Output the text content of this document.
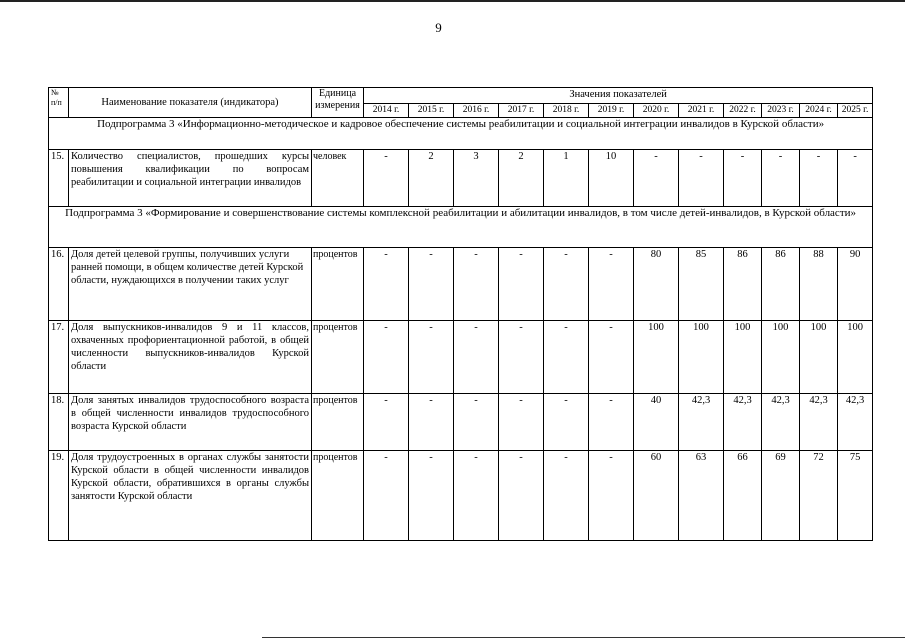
9
№ п/п	Наименование показателя (индикатора)	Единица измерения	Значения показателей											
			2014 г.	2015 г.	2016 г.	2017 г.	2018 г.	2019 г.	2020 г.	2021 г.	2022 г.	2023 г.	2024 г.	2025 г.
Подпрограмма 3 «Информационно-методическое и кадровое обеспечение системы реабилитации и социальной интеграции инвалидов в Курской области»														
15.	Количество специалистов, прошедших курсы повышения квалификации по вопросам реабилитации и социальной интеграции инвалидов	человек	-	2	3	2	1	10	-	-	-	-	-	-
Подпрограмма 3 «Формирование и совершенствование системы комплексной реабилитации и абилитации инвалидов, в том числе детей-инвалидов, в Курской области»														
16.	Доля детей целевой группы, получивших услуги ранней помощи, в общем количестве детей Курской области, нуждающихся в получении таких услуг	процентов	-	-	-	-	-	-	80	85	86	86	88	90
17.	Доля выпускников-инвалидов 9 и 11 классов, охваченных профориентационной работой, в общей численности выпускников-инвалидов Курской области	процентов	-	-	-	-	-	-	100	100	100	100	100	100
18.	Доля занятых инвалидов трудоспособного возраста в общей численности инвалидов трудоспособного возраста Курской области	процентов	-	-	-	-	-	-	40	42,3	42,3	42,3	42,3	42,3
19.	Доля трудоустроенных в органах службы занятости Курской области в общей численности инвалидов Курской области, обратившихся в органы службы занятости Курской области	процентов	-	-	-	-	-	-	60	63	66	69	72	75
